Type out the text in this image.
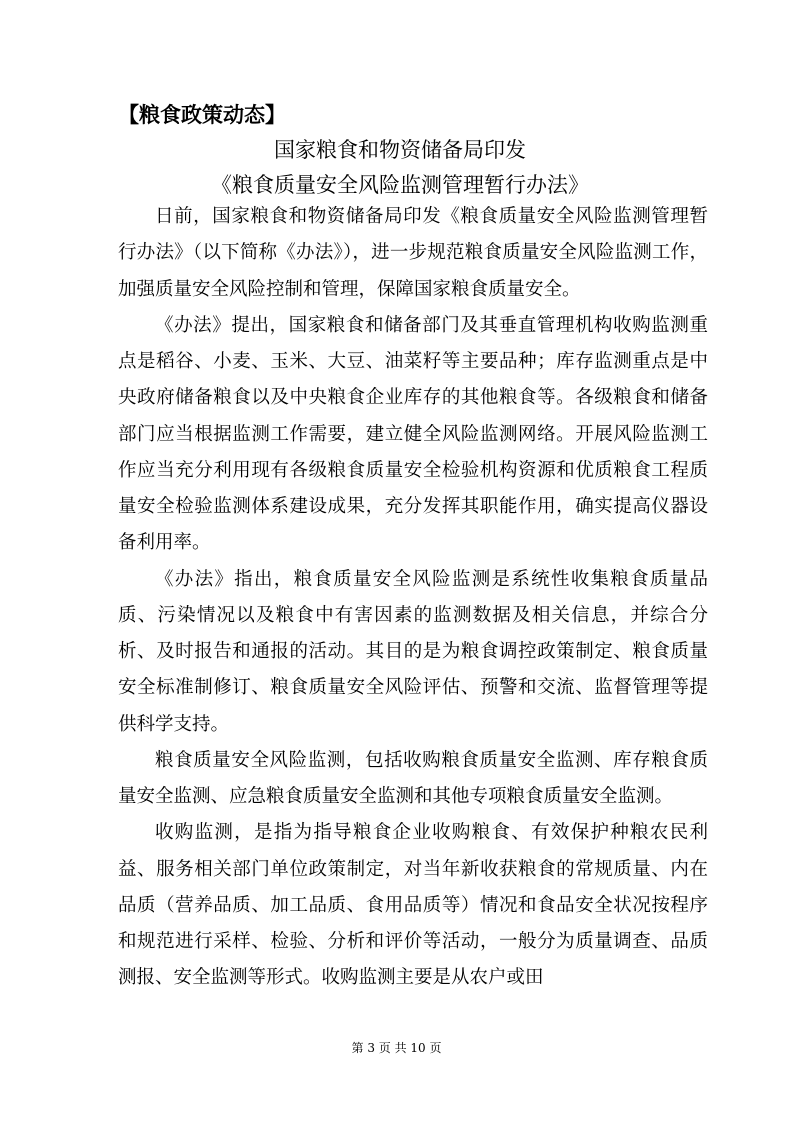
【粮食政策动态】
国家粮食和物资储备局印发
《粮食质量安全风险监测管理暂行办法》

日前，国家粮食和物资储备局印发《粮食质量安全风险监测管理暂行办法》（以下简称《办法》），进一步规范粮食质量安全风险监测工作，加强质量安全风险控制和管理，保障国家粮食质量安全。

《办法》提出，国家粮食和储备部门及其垂直管理机构收购监测重点是稻谷、小麦、玉米、大豆、油菜籽等主要品种；库存监测重点是中央政府储备粮食以及中央粮食企业库存的其他粮食等。各级粮食和储备部门应当根据监测工作需要，建立健全风险监测网络。开展风险监测工作应当充分利用现有各级粮食质量安全检验机构资源和优质粮食工程质量安全检验监测体系建设成果，充分发挥其职能作用，确实提高仪器设备利用率。

《办法》指出，粮食质量安全风险监测是系统性收集粮食质量品质、污染情况以及粮食中有害因素的监测数据及相关信息，并综合分析、及时报告和通报的活动。其目的是为粮食调控政策制定、粮食质量安全标准制修订、粮食质量安全风险评估、预警和交流、监督管理等提供科学支持。

粮食质量安全风险监测，包括收购粮食质量安全监测、库存粮食质量安全监测、应急粮食质量安全监测和其他专项粮食质量安全监测。

收购监测，是指为指导粮食企业收购粮食、有效保护种粮农民利益、服务相关部门单位政策制定，对当年新收获粮食的常规质量、内在品质（营养品质、加工品质、食用品质等）情况和食品安全状况按程序和规范进行采样、检验、分析和评价等活动，一般分为质量调查、品质测报、安全监测等形式。收购监测主要是从农户或田

第 3 页 共 10 页
